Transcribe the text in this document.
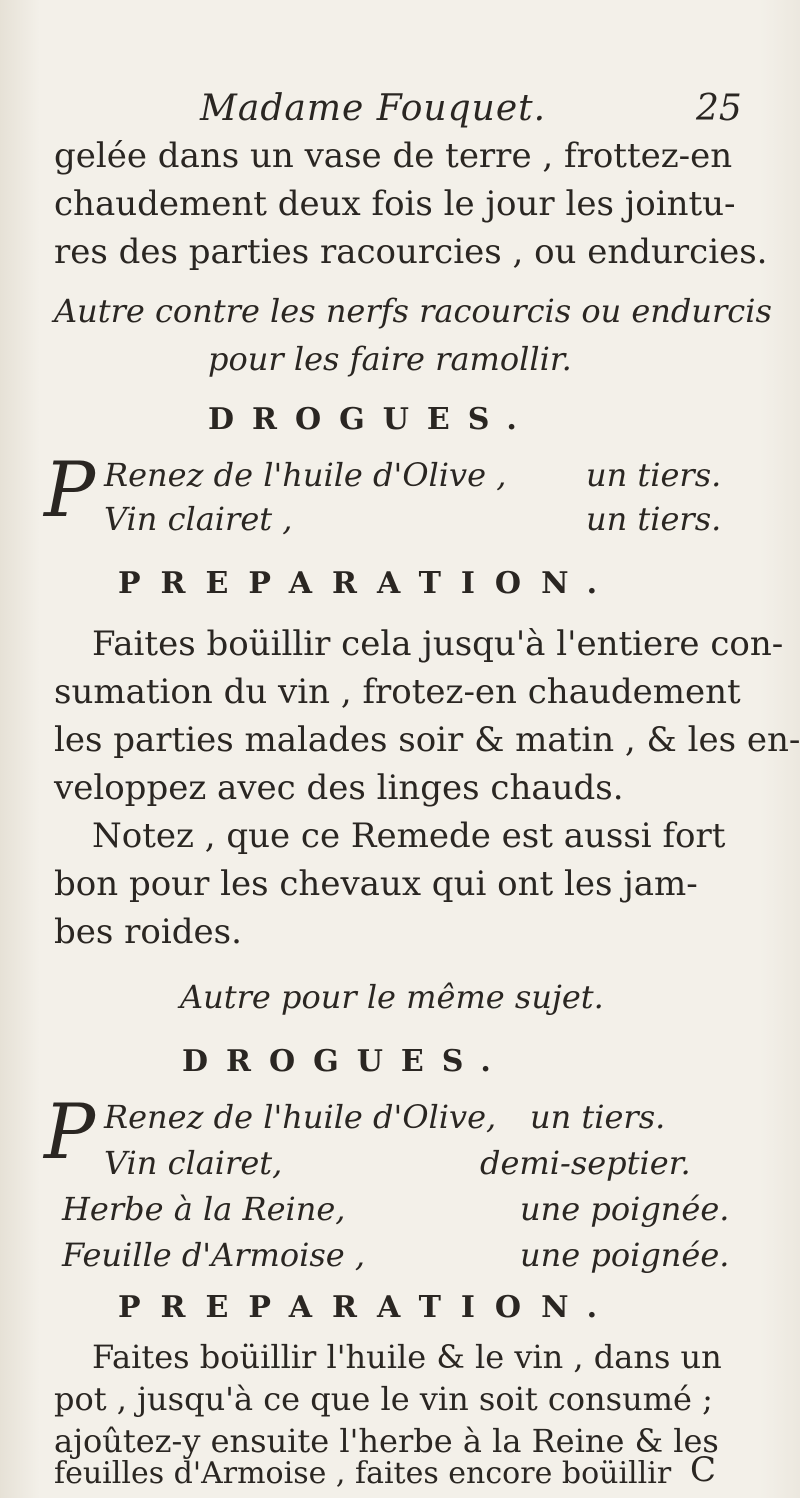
Madame Fouquet.	25
gelée dans un vase de terre , frottez-en
chaudement deux fois le jour les jointu-
res des parties racourcies , ou endurcies.
Autre contre les nerfs racourcis ou endurcis
pour les faire ramollir.
DROGUES.
P Renez de l'huile d'Olive , un tiers.
Vin clairet ,	un tiers.
PREPARATION.
Faites boüillir cela jusqu'à l'entiere con-
sumation du vin , frotez-en chaudement
les parties malades soir & matin , & les en-
veloppez avec des linges chauds.
Notez , que ce Remede est aussi fort
bon pour les chevaux qui ont les jam-
bes roides.
Autre pour le même sujet.
DROGUES.
P Renez de l'huile d'Olive, un tiers.
Vin clairet,	demi-septier.
Herbe à la Reine,	une poignée.
Feuille d'Armoise ,	une poignée.
PREPARATION.
Faites boüillir l'huile & le vin , dans un
pot , jusqu'à ce que le vin soit consumé ;
ajoûtez-y ensuite l'herbe à la Reine & les
feuilles d'Armoise , faites encore boüillir C
